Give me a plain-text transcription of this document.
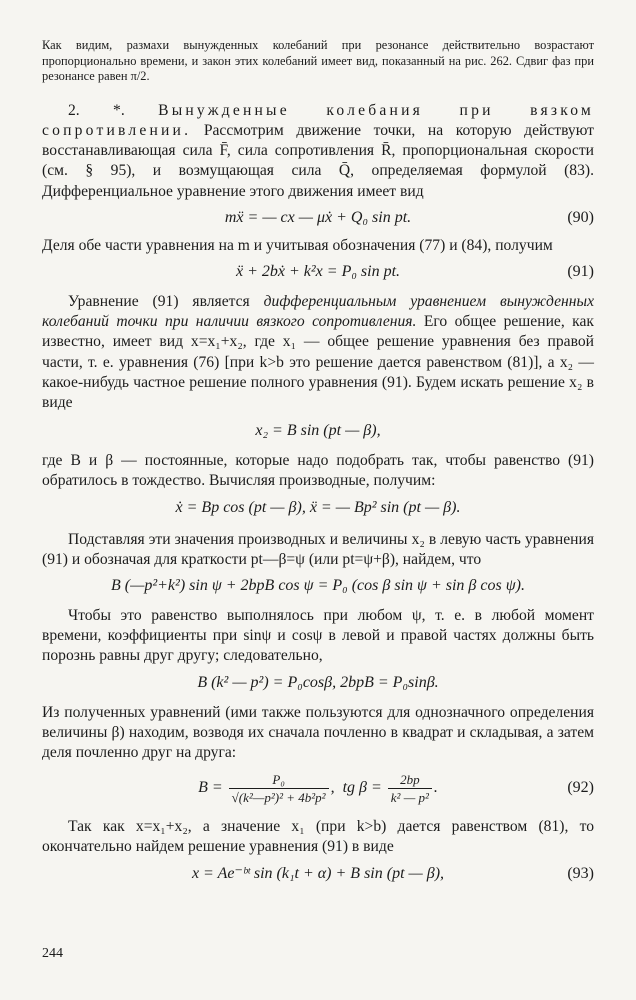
Как видим, размахи вынужденных колебаний при резонансе действительно возрастают пропорционально времени, и закон этих колебаний имеет вид, показанный на рис. 262. Сдвиг фаз при резонансе равен π/2.

2. *. Вынужденные колебания при вязком сопротивлении. Рассмотрим движение точки, на которую действуют восстанавливающая сила F̄, сила сопротивления R̄, пропорциональная скорости (см. § 95), и возмущающая сила Q̄, определяемая формулой (83). Дифференциальное уравнение этого движения имеет вид

mẍ = — cx — μẋ + Q₀ sin pt.	(90)

Деля обе части уравнения на m и учитывая обозначения (77) и (84), получим

ẍ + 2bẋ + k²x = P₀ sin pt.	(91)

Уравнение (91) является дифференциальным уравнением вынужденных колебаний точки при наличии вязкого сопротивления. Его общее решение, как известно, имеет вид x=x₁+x₂, где x₁ — общее решение уравнения без правой части, т. е. уравнения (76) [при k>b это решение дается равенством (81)], а x₂ — какое-нибудь частное решение полного уравнения (91). Будем искать решение x₂ в виде

x₂ = B sin (pt — β),

где B и β — постоянные, которые надо подобрать так, чтобы равенство (91) обратилось в тождество. Вычисляя производные, получим:

ẋ = Bp cos (pt — β), ẍ = — Bp² sin (pt — β).

Подставляя эти значения производных и величины x₂ в левую часть уравнения (91) и обозначая для краткости pt—β=ψ (или pt=ψ+β), найдем, что

B (—p²+k²) sin ψ + 2bpB cos ψ = P₀ (cos β sin ψ + sin β cos ψ).

Чтобы это равенство выполнялось при любом ψ, т. е. в любой момент времени, коэффициенты при sinψ и cosψ в левой и правой частях должны быть порознь равны друг другу; следовательно,

B (k² — p²) = P₀cosβ, 2bpB = P₀sinβ.

Из полученных уравнений (ими также пользуются для однозначного определения величины β) находим, возводя их сначала почленно в квадрат и складывая, а затем деля почленно друг на друга:

$B = \frac{\text{P₀}}{\text{√(k²—p²)² + 4b²p²}}$ ,  tg $\beta = \frac{2bp}{\text{k² — p²}}$ .	(92)

Так как x=x₁+x₂, а значение x₁ (при k>b) дается равенством (81), то окончательно найдем решение уравнения (91) в виде

x = Ae⁻ᵇᵗ sin (k₁t + α) + B sin (pt — β),	(93)
244
